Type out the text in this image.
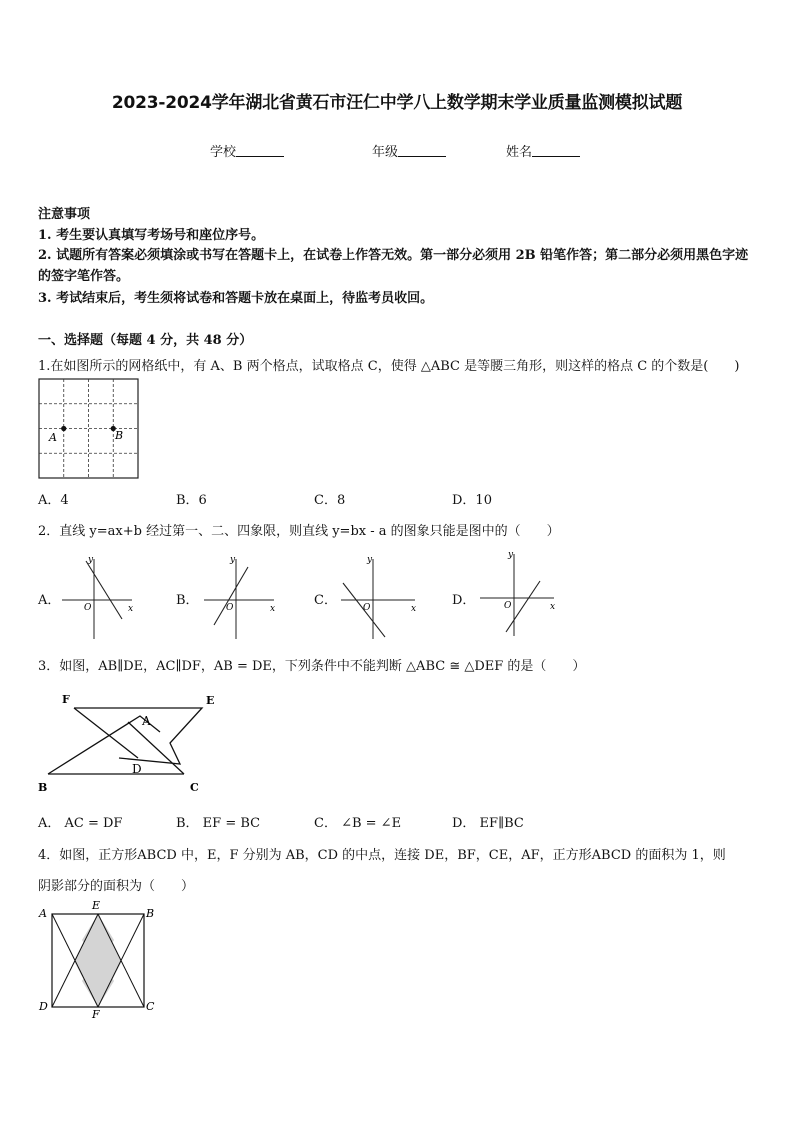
2023-2024学年湖北省黄石市汪仁中学八上数学期末学业质量监测模拟试题
学校	年级	姓名
注意事项
1. 考生要认真填写考场号和座位序号。
2. 试题所有答案必须填涂或书写在答题卡上，在试卷上作答无效。第一部分必须用 2B 铅笔作答；第二部分必须用黑色字迹的签字笔作答。
3. 考试结束后，考生须将试卷和答题卡放在桌面上，待监考员收回。
一、选择题（每题 4 分，共 48 分）
1.在如图所示的网格纸中，有 A、B 两个格点，试取格点 C，使得 △ABC 是等腰三角形，则这样的格点 C 的个数是(　　)
A	B
A．4	B．6	C．8	D．10
2．直线 y=ax+b 经过第一、二、四象限，则直线 y=bx - a 的图象只能是图中的（　　）
A．
y
x
O	B．
y
x
O	C．
y
x
O	D．
y
x
O
3．如图，AB∥DE，AC∥DF，AB = DE，下列条件中不能判断 △ABC ≅ △DEF 的是（　　）
F	E
A
D
B	C
A． AC = DF	B． EF = BC	C． ∠B = ∠E	D． EF∥BC
4．如图，正方形ABCD 中，E，F 分别为 AB，CD 的中点，连接 DE，BF，CE，AF，正方形ABCD 的面积为 1，则
阴影部分的面积为（　　）
A
E
B
D
F
C
